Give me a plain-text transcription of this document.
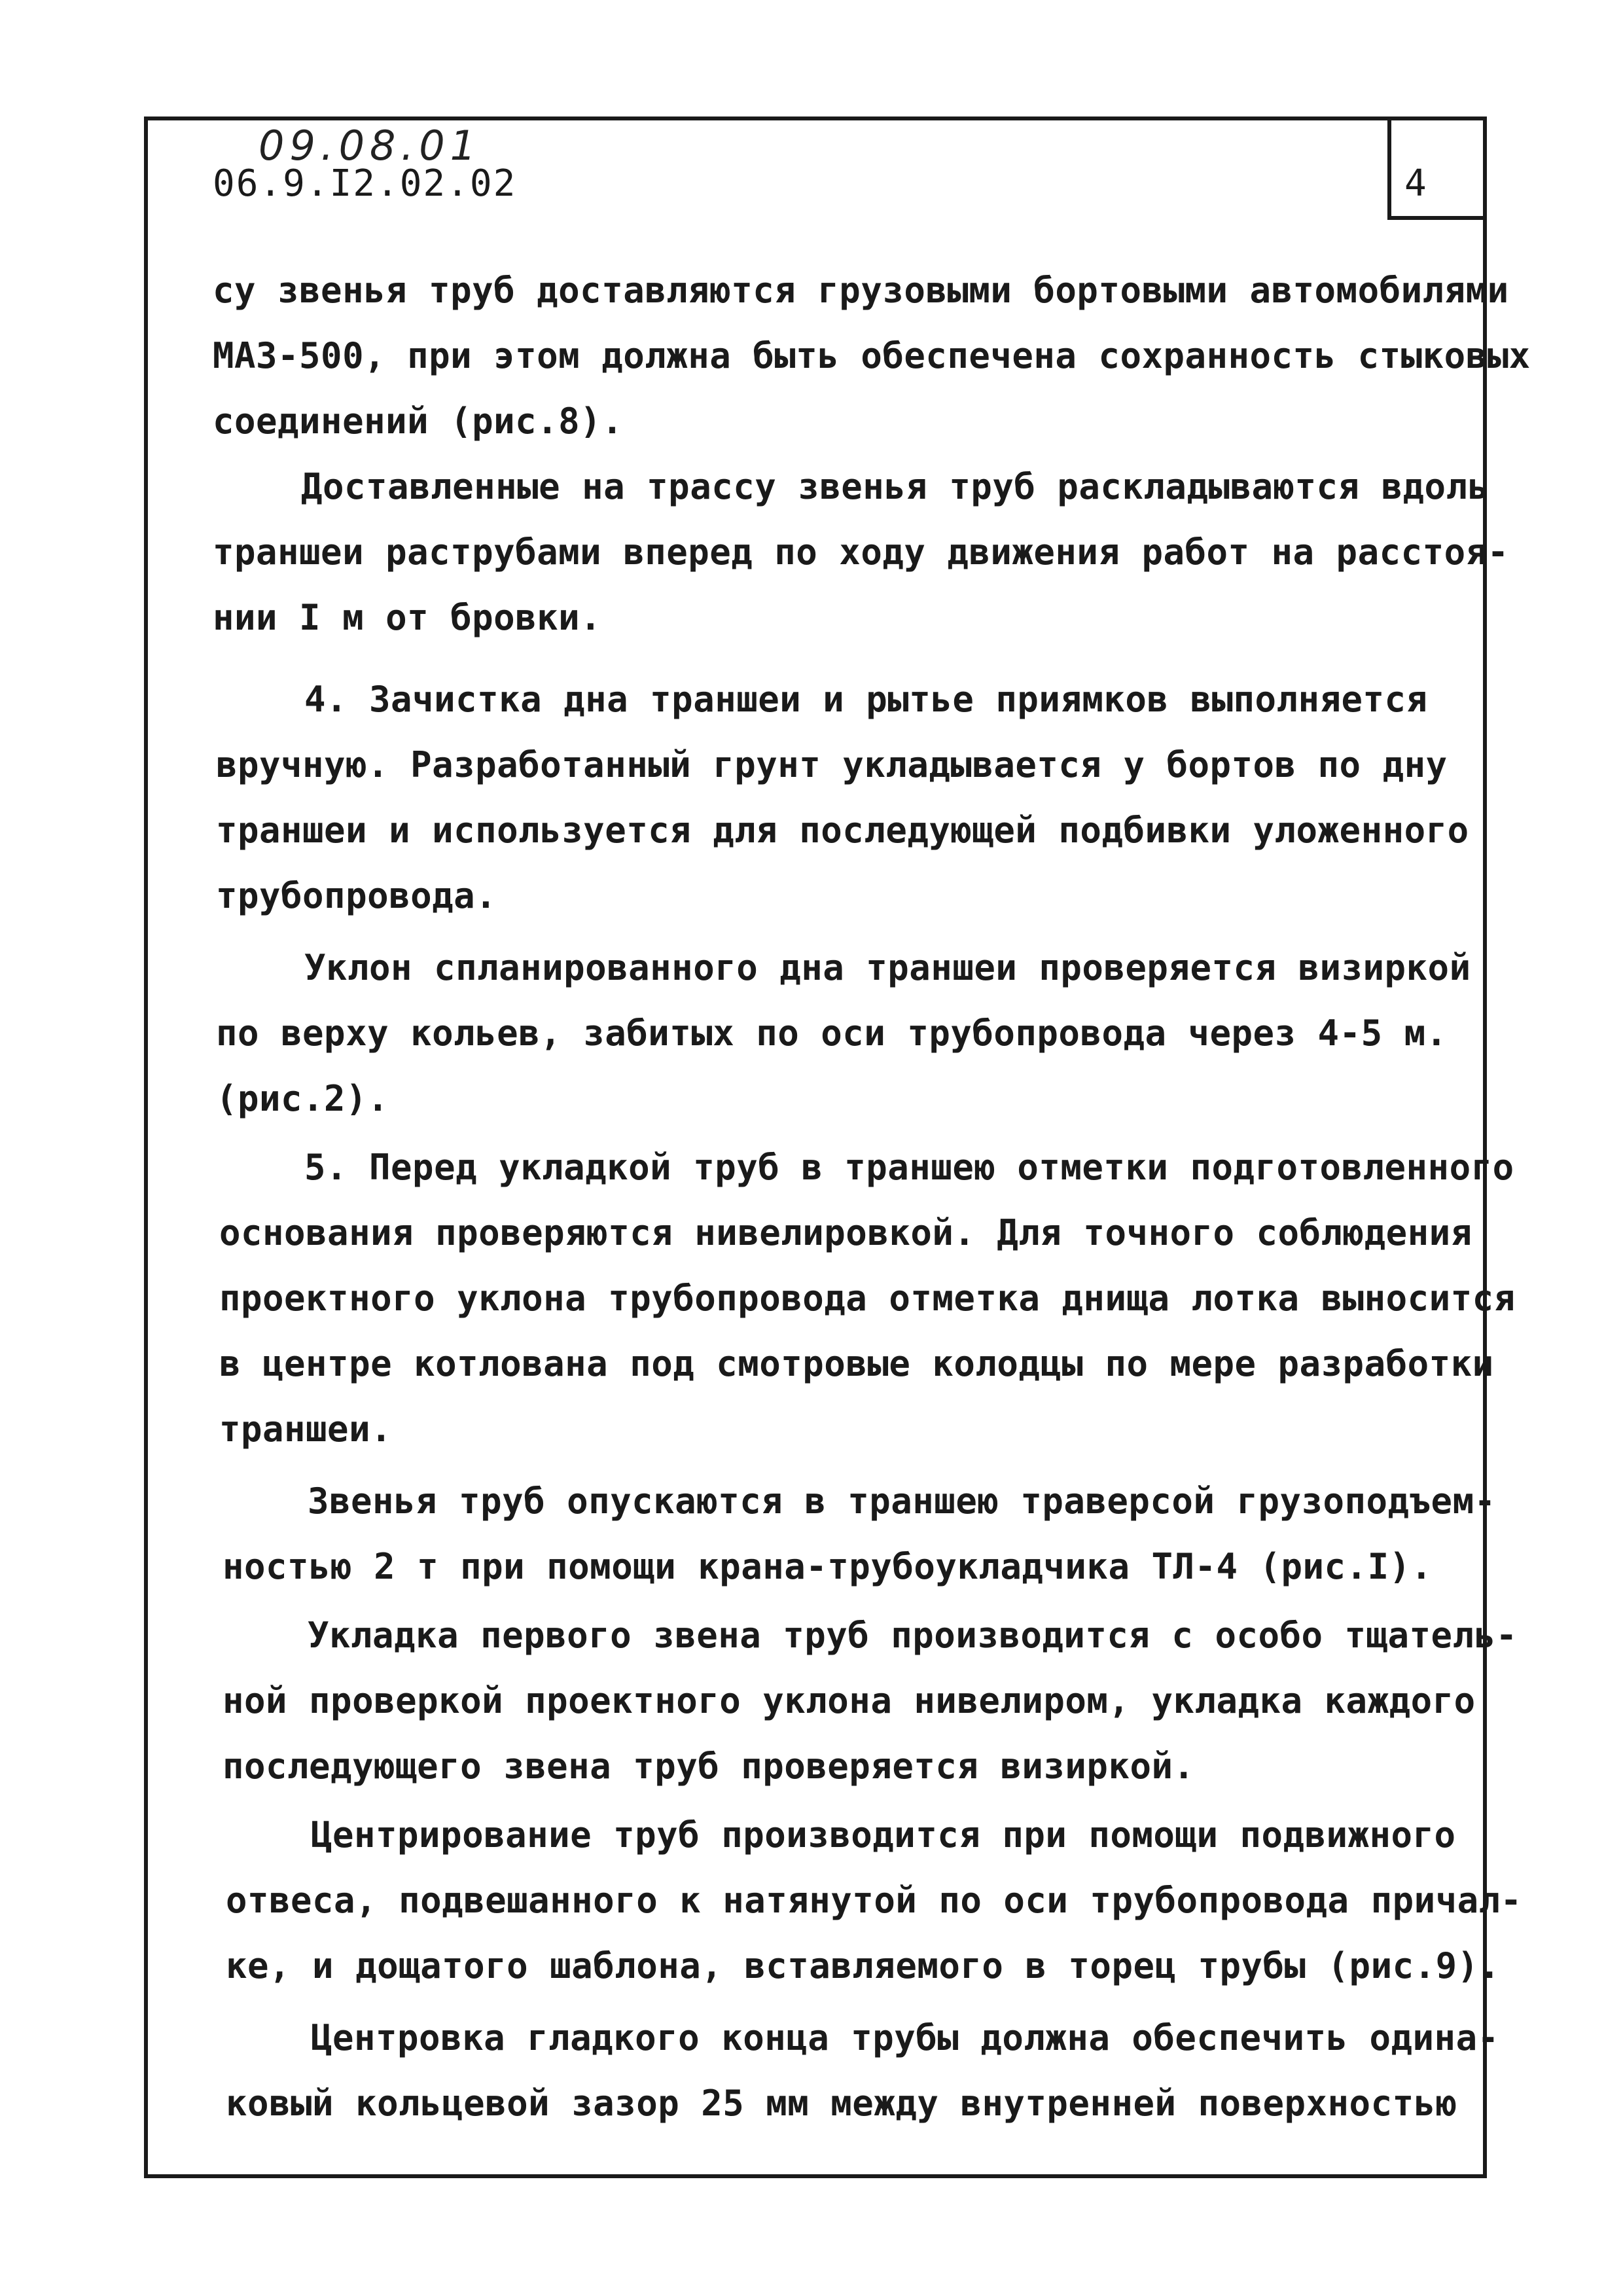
09.08.01
06.9.I2.02.02	4
су звенья труб доставляются грузовыми бортовыми автомобилями
МАЗ-500, при этом должна быть обеспечена сохранность стыковых
соединений (рис.8).
Доставленные на трассу звенья труб раскладываются вдоль
траншеи раструбами вперед по ходу движения работ на расстоя-
нии I м от бровки.
4. Зачистка дна траншеи и рытье приямков выполняется
вручную. Разработанный грунт укладывается у бортов по дну
траншеи и используется для последующей подбивки уложенного
трубопровода.
Уклон спланированного дна траншеи проверяется визиркой
по верху кольев, забитых по оси трубопровода через 4-5 м.
(рис.2).
5. Перед укладкой труб в траншею отметки подготовленного
основания проверяются нивелировкой. Для точного соблюдения
проектного уклона трубопровода отметка днища лотка выносится
в центре котлована под смотровые колодцы по мере разработки
траншеи.
Звенья труб опускаются в траншею траверсой грузоподъем-
ностью 2 т при помощи крана-трубоукладчика ТЛ-4 (рис.I).
Укладка первого звена труб производится с особо тщатель-
ной проверкой проектного уклона нивелиром, укладка каждого
последующего звена труб проверяется визиркой.
Центрирование труб производится при помощи подвижного
отвеса, подвешанного к натянутой по оси трубопровода причал-
ке, и дощатого шаблона, вставляемого в торец трубы (рис.9).
Центровка гладкого конца трубы должна обеспечить одина-
ковый кольцевой зазор 25 мм между внутренней поверхностью
